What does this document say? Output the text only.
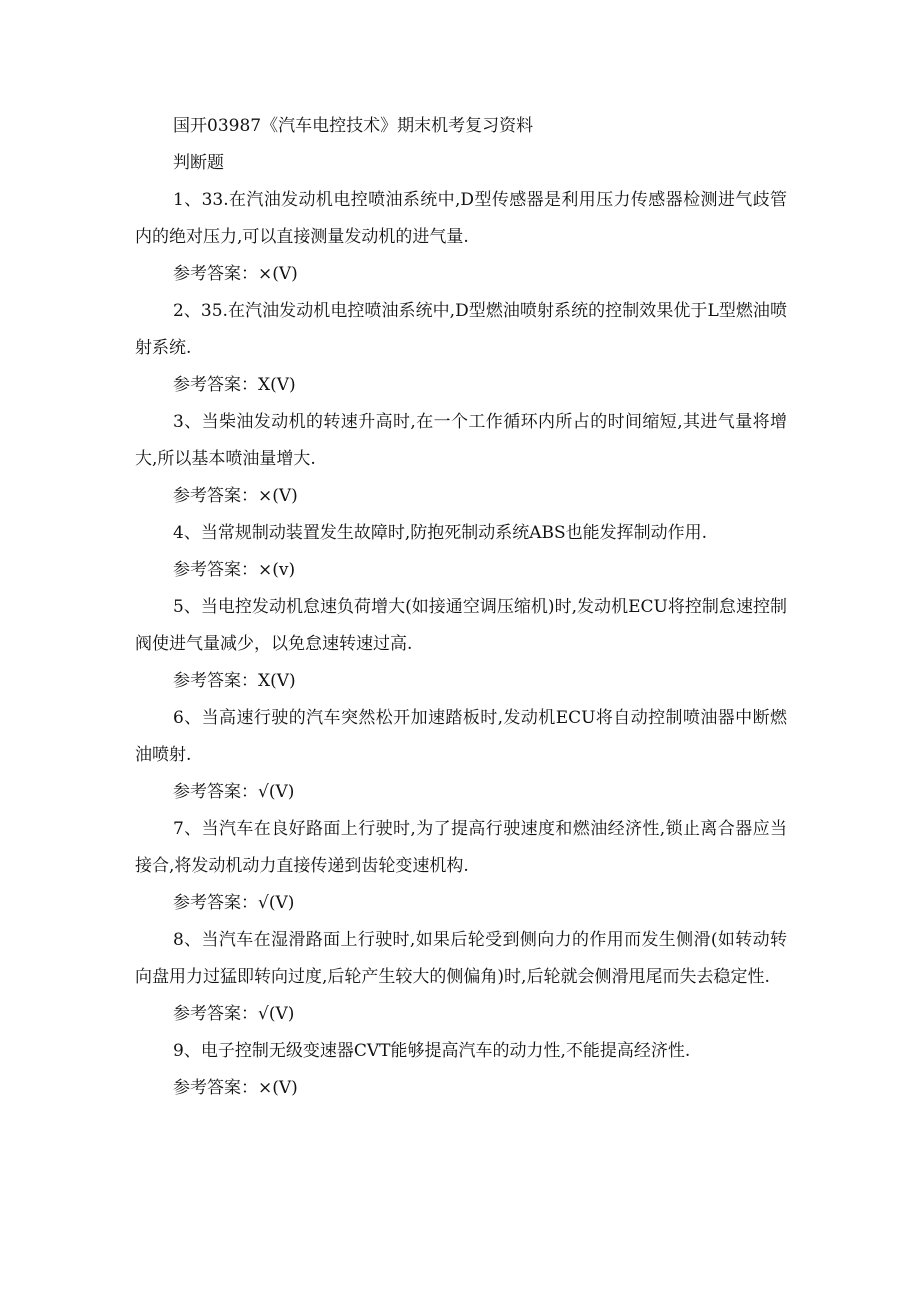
国开03987《汽车电控技术》期末机考复习资料

判断题

1、33.在汽油发动机电控喷油系统中,D型传感器是利用压力传感器检测进气歧管内的绝对压力,可以直接测量发动机的进气量.

参考答案：×(V)

2、35.在汽油发动机电控喷油系统中,D型燃油喷射系统的控制效果优于L型燃油喷射系统.

参考答案：X(V)

3、当柴油发动机的转速升高时,在一个工作循环内所占的时间缩短,其进气量将增大,所以基本喷油量增大.

参考答案：×(V)

4、当常规制动装置发生故障时,防抱死制动系统ABS也能发挥制动作用.

参考答案：×(v)

5、当电控发动机怠速负荷增大(如接通空调压缩机)时,发动机ECU将控制怠速控制阀使进气量减少，以免怠速转速过高.

参考答案：X(V)

6、当高速行驶的汽车突然松开加速踏板时,发动机ECU将自动控制喷油器中断燃油喷射.

参考答案：√(V)

7、当汽车在良好路面上行驶时,为了提高行驶速度和燃油经济性,锁止离合器应当接合,将发动机动力直接传递到齿轮变速机构.

参考答案：√(V)

8、当汽车在湿滑路面上行驶时,如果后轮受到侧向力的作用而发生侧滑(如转动转向盘用力过猛即转向过度,后轮产生较大的侧偏角)时,后轮就会侧滑甩尾而失去稳定性.

参考答案：√(V)

9、电子控制无级变速器CVT能够提高汽车的动力性,不能提高经济性.

参考答案：×(V)
